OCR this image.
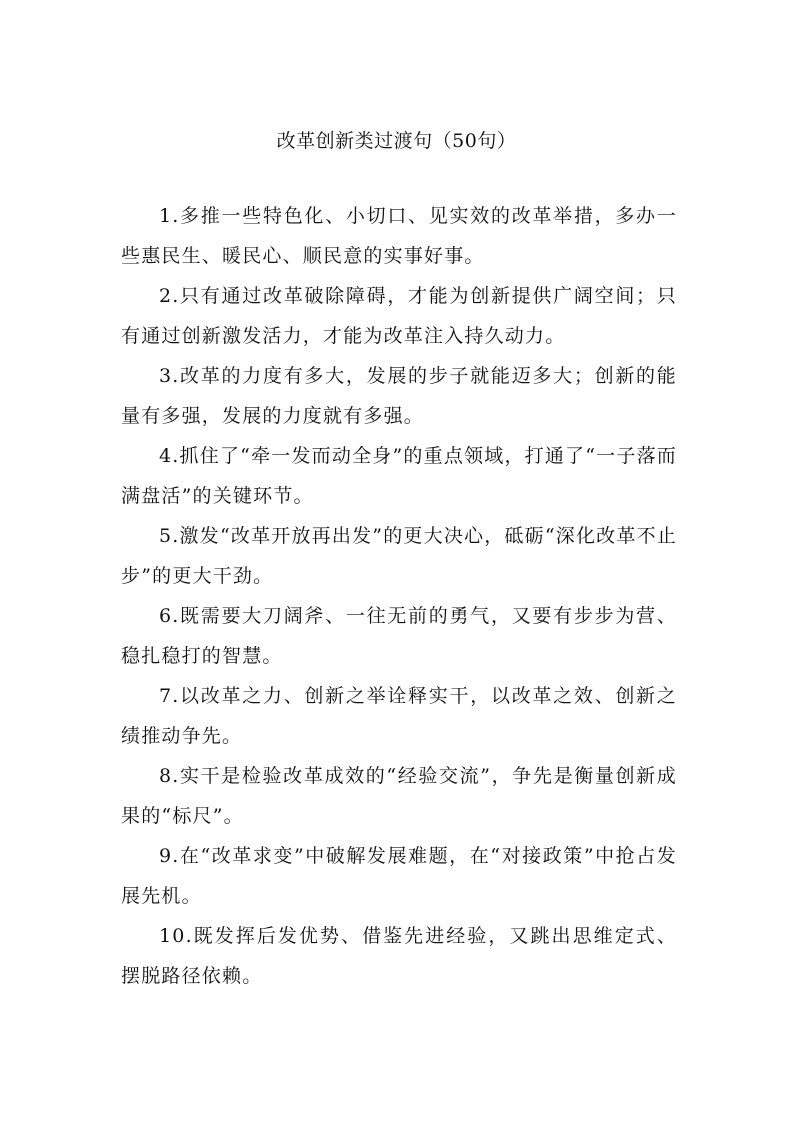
改革创新类过渡句（50句）

1.多推一些特色化、小切口、见实效的改革举措，多办一些惠民生、暖民心、顺民意的实事好事。

2.只有通过改革破除障碍，才能为创新提供广阔空间；只有通过创新激发活力，才能为改革注入持久动力。

3.改革的力度有多大，发展的步子就能迈多大；创新的能量有多强，发展的力度就有多强。

4.抓住了“牵一发而动全身”的重点领域，打通了“一子落而满盘活”的关键环节。

5.激发“改革开放再出发”的更大决心，砥砺“深化改革不止步”的更大干劲。

6.既需要大刀阔斧、一往无前的勇气，又要有步步为营、稳扎稳打的智慧。

7.以改革之力、创新之举诠释实干，以改革之效、创新之绩推动争先。

8.实干是检验改革成效的“经验交流”，争先是衡量创新成果的“标尺”。

9.在“改革求变”中破解发展难题，在“对接政策”中抢占发展先机。

10.既发挥后发优势、借鉴先进经验，又跳出思维定式、摆脱路径依赖。
